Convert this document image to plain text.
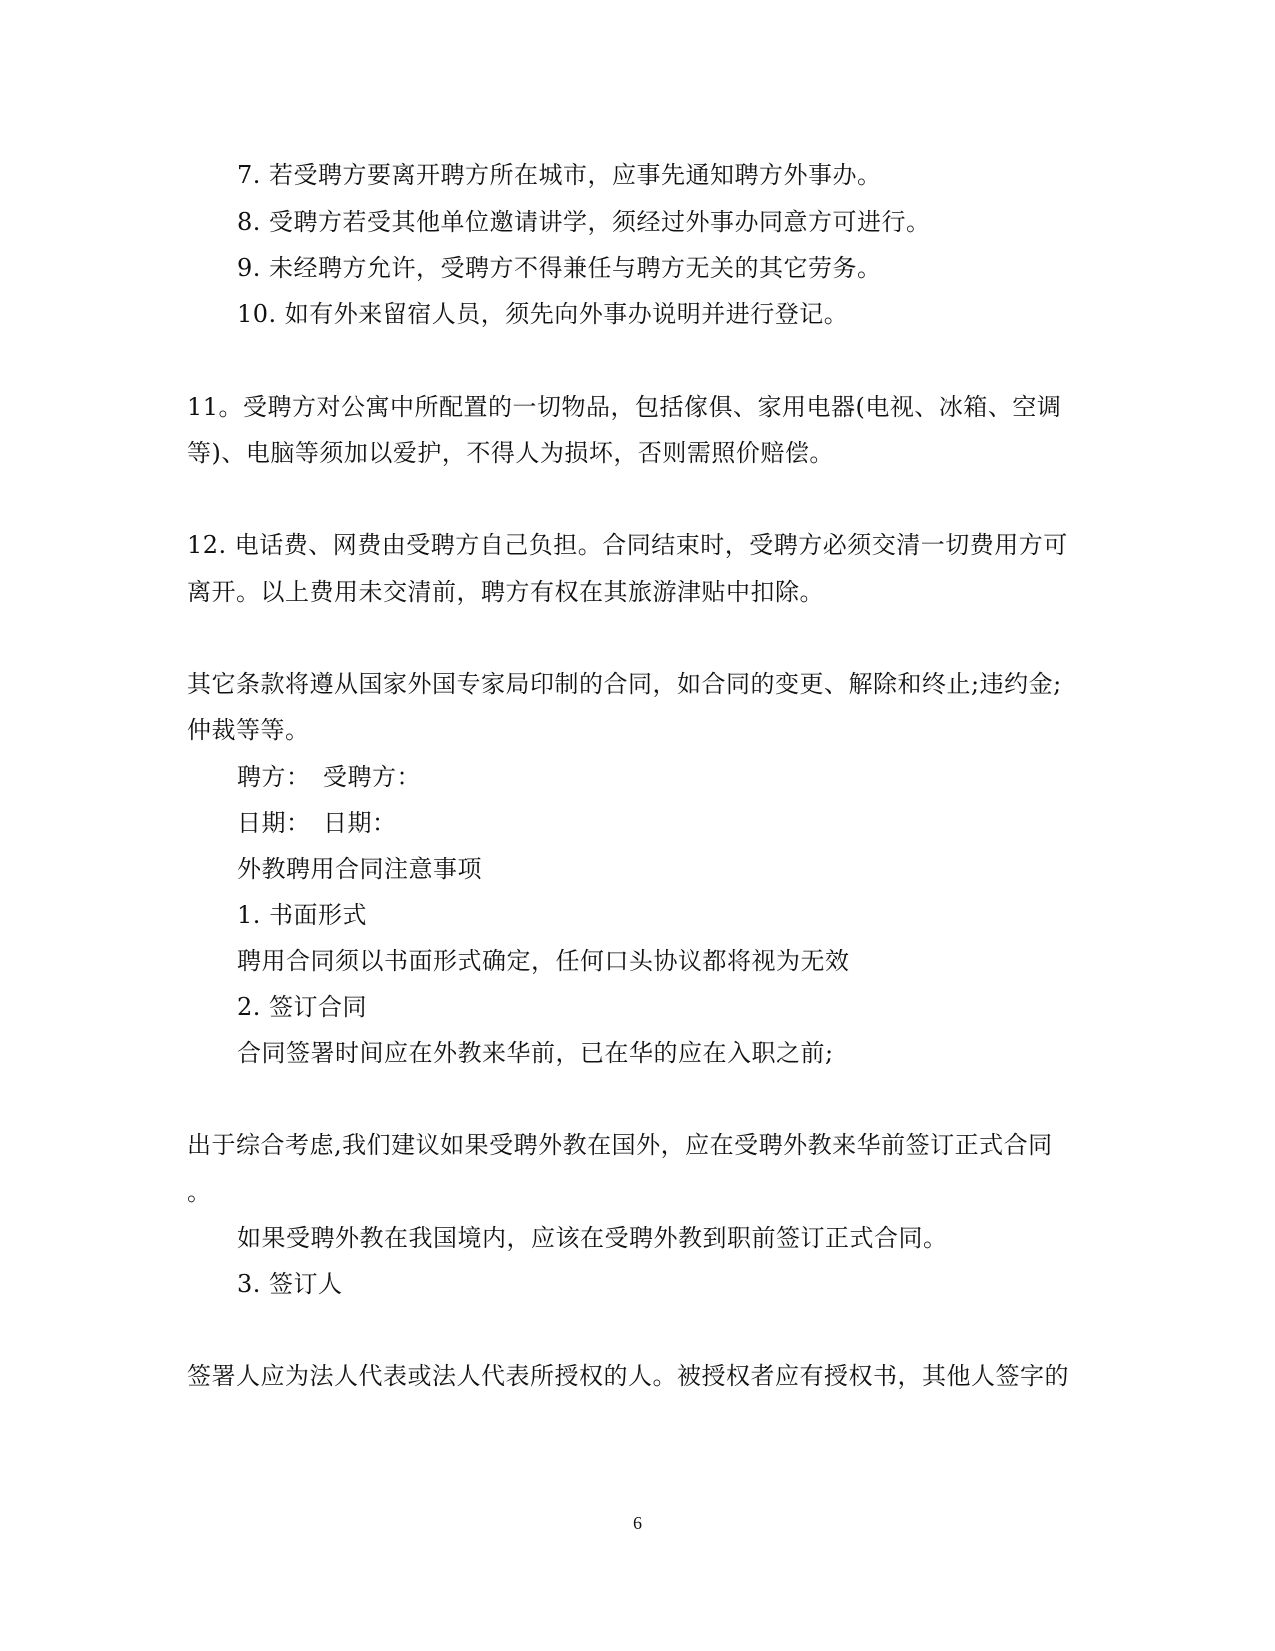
7. 若受聘方要离开聘方所在城市，应事先通知聘方外事办。
8. 受聘方若受其他单位邀请讲学，须经过外事办同意方可进行。
9. 未经聘方允许，受聘方不得兼任与聘方无关的其它劳务。
10. 如有外来留宿人员，须先向外事办说明并进行登记。
11。受聘方对公寓中所配置的一切物品，包括傢俱、家用电器(电视、冰箱、空调
等)、电脑等须加以爱护，不得人为损坏，否则需照价赔偿。
12. 电话费、网费由受聘方自己负担。合同结束时，受聘方必须交清一切费用方可
离开。以上费用未交清前，聘方有权在其旅游津贴中扣除。
其它条款将遵从国家外国专家局印制的合同，如合同的变更、解除和终止;违约金;
仲裁等等。
聘方：　受聘方：
日期：　日期：
外教聘用合同注意事项
1. 书面形式
聘用合同须以书面形式确定，任何口头协议都将视为无效
2. 签订合同
合同签署时间应在外教来华前，已在华的应在入职之前;
出于综合考虑,我们建议如果受聘外教在国外，应在受聘外教来华前签订正式合同
。
如果受聘外教在我国境内，应该在受聘外教到职前签订正式合同。
3. 签订人
签署人应为法人代表或法人代表所授权的人。被授权者应有授权书，其他人签字的
6
